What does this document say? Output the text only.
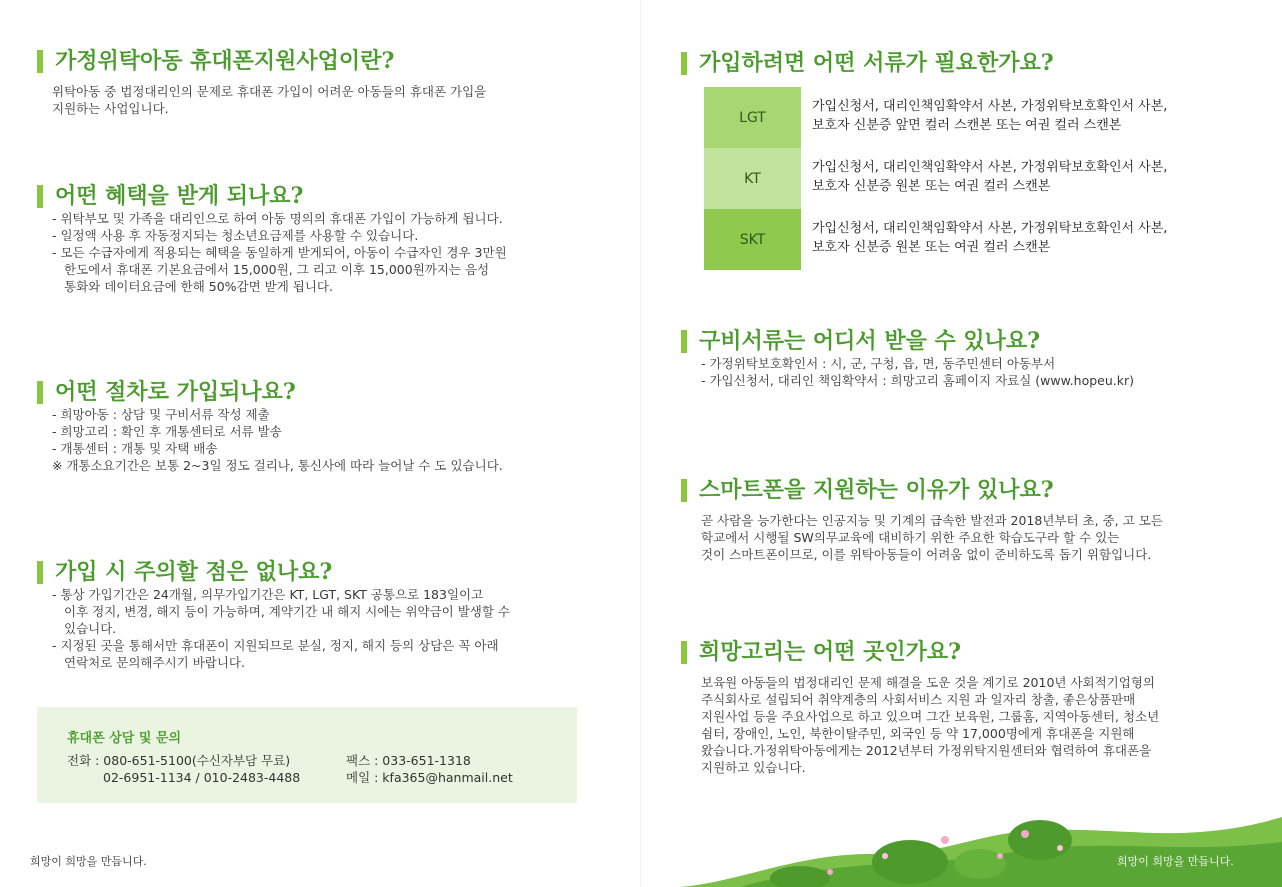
가정위탁아동 휴대폰지원사업이란?

위탁아동 중 법정대리인의 문제로 휴대폰 가입이 어려운 아동들의 휴대폰 가입을

지원하는 사업입니다.

어떤 혜택을 받게 되나요?
- 위탁부모 및 가족을 대리인으로 하여 아동 명의의 휴대폰 가입이 가능하게 됩니다.
- 일정액 사용 후 자동정지되는 청소년요금제를 사용할 수 있습니다.
- 모든 수급자에게 적용되는 혜택을 동일하게 받게되어, 아동이 수급자인 경우 3만원
한도에서 휴대폰 기본요금에서 15,000원, 그 리고 이후 15,000원까지는 음성
통화와 데이터요금에 한해 50%감면 받게 됩니다.
어떤 절차로 가입되나요?
- 희망아동 : 상담 및 구비서류 작성 제출
- 희망고리 : 확인 후 개통센터로 서류 발송
- 개통센터 : 개통 및 자택 배송
※ 개통소요기간은 보통 2~3일 정도 걸리나, 통신사에 따라 늘어날 수 도 있습니다.
가입 시 주의할 점은 없나요?
- 통상 가입기간은 24개월, 의무가입기간은 KT, LGT, SKT 공통으로 183일이고
이후 정지, 변경, 해지 등이 가능하며, 계약기간 내 해지 시에는 위약금이 발생할 수
있습니다.
- 지정된 곳을 통해서만 휴대폰이 지원되므로 분실, 정지, 해지 등의 상담은 꼭 아래
연락처로 문의해주시기 바랍니다.
휴대폰 상담 및 문의
전화 : 080-651-5100(수신자부담 무료)
02-6951-1134 / 010-2483-4488
팩스 : 033-651-1318
메일 : kfa365@hanmail.net
희망이 희망을 만듭니다.
가입하려면 어떤 서류가 필요한가요?
LGT
가입신청서, 대리인책임확약서 사본, 가정위탁보호확인서 사본,
보호자 신분증 앞면 컬러 스캔본 또는 여권 컬러 스캔본
KT
가입신청서, 대리인책임확약서 사본, 가정위탁보호확인서 사본,
보호자 신분증 원본 또는 여권 컬러 스캔본
SKT
가입신청서, 대리인책임확약서 사본, 가정위탁보호확인서 사본,
보호자 신분증 원본 또는 여권 컬러 스캔본
구비서류는 어디서 받을 수 있나요?
- 가정위탁보호확인서 : 시, 군, 구청, 읍, 면, 동주민센터 아동부서
- 가입신청서, 대리인 책임확약서 : 희망고리 홈페이지 자료실 (www.hopeu.kr)
스마트폰을 지원하는 이유가 있나요?

곧 사람을 능가한다는 인공지능 및 기계의 급속한 발전과 2018년부터 초, 중, 고 모든

학교에서 시행될 SW의무교육에 대비하기 위한 주요한 학습도구라 할 수 있는

것이 스마트폰이므로, 이를 위탁아동들이 어려움 없이 준비하도록 돕기 위함입니다.

희망고리는 어떤 곳인가요?

보육원 아동들의 법정대리인 문제 해결을 도운 것을 계기로 2010년 사회적기업형의

주식회사로 설립되어 취약계층의 사회서비스 지원 과 일자리 창출, 좋은상품판매

지원사업 등을 주요사업으로 하고 있으며 그간 보육원, 그룹홈, 지역아동센터, 청소년

쉼터, 장애인, 노인, 북한이탈주민, 외국인 등 약 17,000명에게 휴대폰을 지원해

왔습니다.가정위탁아동에게는 2012년부터 가정위탁지원센터와 협력하여 휴대폰을

지원하고 있습니다.

희망이 희망을 만듭니다.
